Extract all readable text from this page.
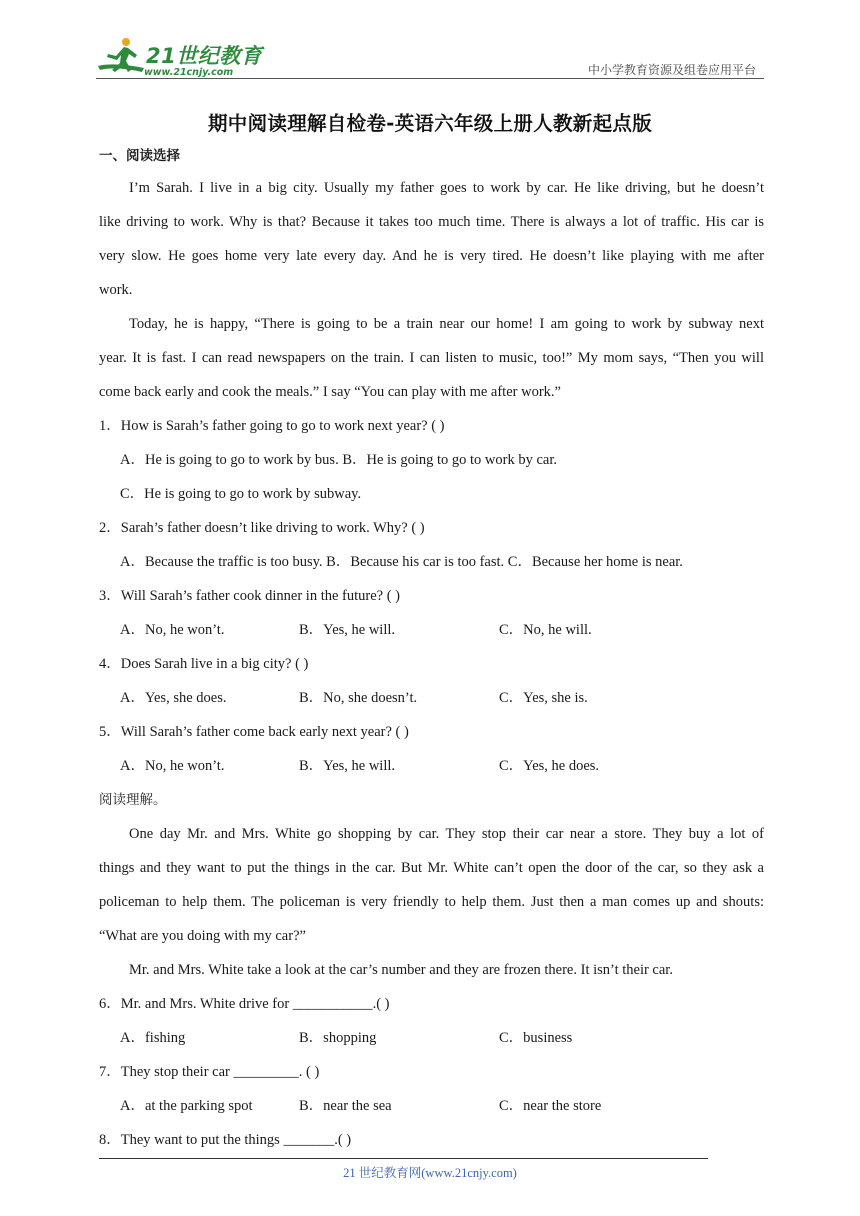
21世纪教育
www.21cnjy.com	中小学教育资源及组卷应用平台
期中阅读理解自检卷-英语六年级上册人教新起点版
一、阅读选择
I’m Sarah. I live in a big city. Usually my father goes to work by car. He like driving, but he doesn’t
like driving to work. Why is that? Because it takes too much time. There is always a lot of traffic. His car is
very slow. He goes home very late every day. And he is very tired. He doesn’t like playing with me after
work.
Today, he is happy, “There is going to be a train near our home! I am going to work by subway next
year. It is fast. I can read newspapers on the train. I can listen to music, too!” My mom says, “Then you will
come back early and cook the meals.” I say “You can play with me after work.”
1．How is Sarah’s father going to go to work next year? ( )
A．He is going to go to work by bus. B．He is going to go to work by car.
C．He is going to go to work by subway.
2．Sarah’s father doesn’t like driving to work. Why? ( )
A．Because the traffic is too busy. B．Because his car is too fast. C．Because her home is near.
3．Will Sarah’s father cook dinner in the future? ( )
A．No, he won’t.	B．Yes, he will.	C．No, he will.
4．Does Sarah live in a big city? ( )
A．Yes, she does.	B．No, she doesn’t.	C．Yes, she is.
5．Will Sarah’s father come back early next year? ( )
A．No, he won’t.	B．Yes, he will.	C．Yes, he does.
阅读理解。
One day Mr. and Mrs. White go shopping by car. They stop their car near a store. They buy a lot of
things and they want to put the things in the car. But Mr. White can’t open the door of the car, so they ask a
policeman to help them. The policeman is very friendly to help them. Just then a man comes up and shouts:
“What are you doing with my car?”
Mr. and Mrs. White take a look at the car’s number and they are frozen there. It isn’t their car.
6．Mr. and Mrs. White drive for ___________.( )
A．fishing	B．shopping	C．business
7．They stop their car _________. ( )
A．at the parking spot	B．near the sea	C．near the store
8．They want to put the things _______.( )
21 世纪教育网(www.21cnjy.com)
